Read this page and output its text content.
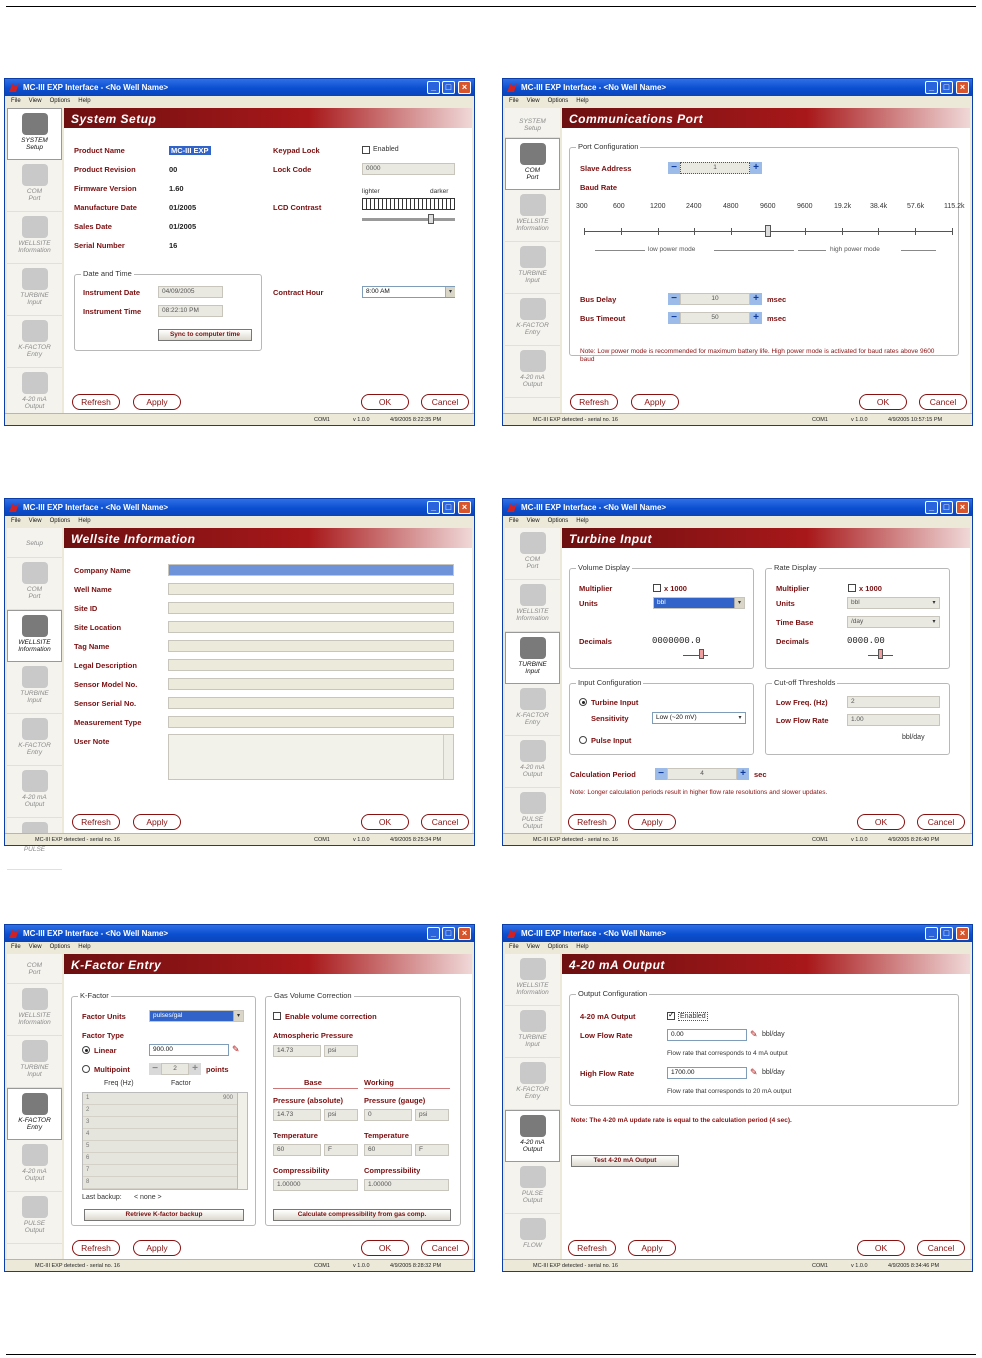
MC-III EXP Interface - <No Well Name>	_	□	×
File View Options Help
SYSTEM
Setup
COM
Port
WELLSITE
Information
TURBINE
Input
K-FACTOR
Entry
4-20 mA
Output
System Setup
Product Name	MC-III EXP
Product Revision	00
Firmware Version	1.60
Manufacture Date	01/2005
Sales Date	01/2005
Serial Number	16
Keypad Lock	Enabled
Lock Code	0000
lighter	darker
LCD Contrast
Date and Time
Instrument Date	04/09/2005
Instrument Time	08:22:10 PM
Sync to computer time
Contract Hour	8:00 AM	▾
Refresh	Apply	OK	Cancel
COM1	v 1.0.0	4/9/2005 8:22:35 PM
MC-III EXP Interface - <No Well Name>	_	□	×
File View Options Help
SYSTEM
Setup
COM
Port
WELLSITE
Information
TURBINE
Input
K-FACTOR
Entry
4-20 mA
Output
Communications Port
Port Configuration
Slave Address	−	1	+
Baud Rate
300	600	1200	2400	4800	9600	9600	19.2k	38.4k	57.6k	115.2k
low power mode	high power mode
Bus Delay	−	10	+	msec
Bus Timeout	−	50	+	msec
Note: Low power mode is recommended for maximum battery life. High power mode is activated for baud rates above 9600 baud
Refresh	Apply	OK	Cancel
MC-III EXP detected - serial no. 16	COM1	v 1.0.0	4/9/2005 10:57:15 PM
MC-III EXP Interface - <No Well Name>	_	□	×
File View Options Help
Setup
COM
Port
WELLSITE
Information
TURBINE
Input
K-FACTOR
Entry
4-20 mA
Output
PULSE
Wellsite Information
Company Name
Well Name
Site ID
Site Location
Tag Name
Legal Description
Sensor Model No.
Sensor Serial No.
Measurement Type
User Note
Refresh	Apply	OK	Cancel
MC-III EXP detected - serial no. 16	COM1	v 1.0.0	4/9/2005 8:25:34 PM
MC-III EXP Interface - <No Well Name>	_	□	×
File View Options Help
COM
Port
WELLSITE
Information
TURBINE
Input
K-FACTOR
Entry
4-20 mA
Output
PULSE
Output
Turbine Input
Volume Display
Multiplier	x 1000
Units	bbl	▾
Decimals	0000000.0
Rate Display
Multiplier	x 1000
Units	bbl	▾
Time Base	/day	▾
Decimals	0000.00
Input Configuration
Turbine Input
Sensitivity	Low (~20 mV)	▾
Pulse Input
Cut-off Thresholds
Low Freq. (Hz)	2
Low Flow Rate	1.00
bbl/day
Calculation Period	−	4	+	sec
Note: Longer calculation periods result in higher flow rate resolutions and slower updates.
Refresh	Apply	OK	Cancel
MC-III EXP detected - serial no. 16	COM1	v 1.0.0	4/9/2005 8:26:40 PM
MC-III EXP Interface - <No Well Name>	_	□	×
File View Options Help
COM
Port
WELLSITE
Information
TURBINE
Input
K-FACTOR
Entry
4-20 mA
Output
PULSE
Output
K-Factor Entry
K-Factor
Factor Units	pulses/gal	▾
Factor Type
Linear	900.00	✎
Multipoint	−	2	+	points
Freq (Hz)	Factor
1	900
2
3
4
5
6
7
8
Last backup: < none >
Retrieve K-factor backup
Gas Volume Correction
Enable volume correction
Atmospheric Pressure
14.73	psi
Base	Working
Pressure (absolute)	Pressure (gauge)
14.73	psi	0	psi
Temperature	Temperature
60	F	60	F
Compressibility	Compressibility
1.00000	1.00000
Calculate compressibility from gas comp.
Refresh	Apply	OK	Cancel
MC-III EXP detected - serial no. 16	COM1	v 1.0.0	4/9/2005 8:28:32 PM
MC-III EXP Interface - <No Well Name>	_	□	×
File View Options Help
WELLSITE
Information
TURBINE
Input
K-FACTOR
Entry
4-20 mA
Output
PULSE
Output
FLOW
4-20 mA Output
Output Configuration
4-20 mA Output ✓	Enabled
Low Flow Rate	0.00	✎ bbl/day
Flow rate that corresponds to 4 mA output
High Flow Rate	1700.00	✎ bbl/day
Flow rate that corresponds to 20 mA output
Note: The 4-20 mA update rate is equal to the calculation period (4 sec).
Test 4-20 mA Output
Refresh	Apply	OK	Cancel
MC-III EXP detected - serial no. 16	COM1	v 1.0.0	4/9/2005 8:34:46 PM
